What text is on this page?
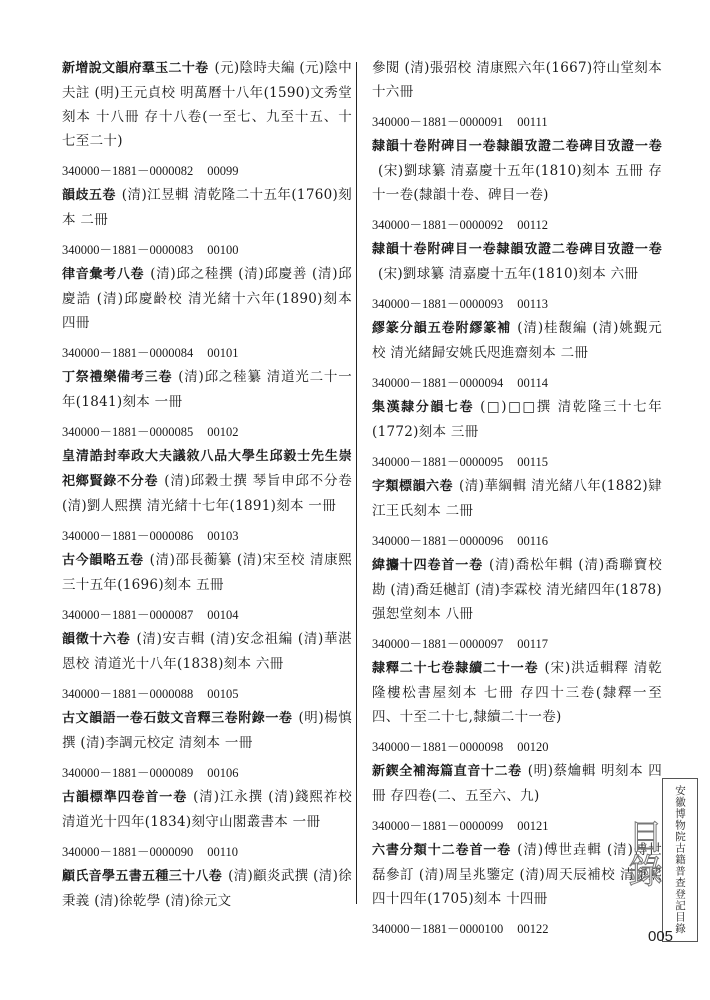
新增說文韻府羣玉二十卷 (元)陰時夫編 (元)陰中夫註 (明)王元貞校 明萬曆十八年(1590)文秀堂刻本 十八冊 存十八卷(一至七、九至十五、十七至二十)
340000－1881－0000082 00099
韻歧五卷 (清)江昱輯 清乾隆二十五年(1760)刻本 二冊
340000－1881－0000083 00100
律音彙考八卷 (清)邱之稑撰 (清)邱慶善 (清)邱慶誥 (清)邱慶齡校 清光緒十六年(1890)刻本 四冊
340000－1881－0000084 00101
丁祭禮樂備考三卷 (清)邱之稑纂 清道光二十一年(1841)刻本 一冊
340000－1881－0000085 00102
皇清誥封奉政大夫議敘八品大學生邱毅士先生崇祀鄉賢錄不分卷 (清)邱穀士撰 琴旨申邱不分卷 (清)劉人熙撰 清光緒十七年(1891)刻本 一冊
340000－1881－0000086 00103
古今韻略五卷 (清)邵長蘅纂 (清)宋至校 清康熙三十五年(1696)刻本 五冊
340000－1881－0000087 00104
韻徵十六卷 (清)安吉輯 (清)安念祖編 (清)華湛恩校 清道光十八年(1838)刻本 六冊
340000－1881－0000088 00105
古文韻語一卷石鼓文音釋三卷附錄一卷 (明)楊慎撰 (清)李調元校定 清刻本 一冊
340000－1881－0000089 00106
古韻標準四卷首一卷 (清)江永撰 (清)錢熙祚校 清道光十四年(1834)刻守山閣叢書本 一冊
340000－1881－0000090 00110
顧氏音學五書五種三十八卷 (清)顧炎武撰 (清)徐秉義 (清)徐乾學 (清)徐元文
參閱 (清)張弨校 清康熙六年(1667)符山堂刻本 十六冊
340000－1881－0000091 00111
隸韻十卷附碑目一卷隸韻攷證二卷碑目攷證一卷(宋)劉球纂 清嘉慶十五年(1810)刻本 五冊 存十一卷(隸韻十卷、碑目一卷)
340000－1881－0000092 00112
隸韻十卷附碑目一卷隸韻攷證二卷碑目攷證一卷(宋)劉球纂 清嘉慶十五年(1810)刻本 六冊
340000－1881－0000093 00113
繆篆分韻五卷附繆篆補 (清)桂馥編 (清)姚覲元校 清光緒歸安姚氏咫進齋刻本 二冊
340000－1881－0000094 00114
集漢隸分韻七卷 (□)□□撰 清乾隆三十七年(1772)刻本 三冊
340000－1881－0000095 00115
字類標韻六卷 (清)華綱輯 清光緒八年(1882)肄江王氏刻本 二冊
340000－1881－0000096 00116
緯攟十四卷首一卷 (清)喬松年輯 (清)喬聯寶校勘 (清)喬廷樾訂 (清)李霖校 清光緒四年(1878)强恕堂刻本 八冊
340000－1881－0000097 00117
隸釋二十七卷隸續二十一卷 (宋)洪适輯釋 清乾隆樓松書屋刻本 七冊 存四十三卷(隸釋一至四、十至二十七,隸續二十一卷)
340000－1881－0000098 00120
新鍥全補海篇直音十二卷 (明)蔡爚輯 明刻本 四冊 存四卷(二、五至六、九)
340000－1881－0000099 00121
六書分類十二卷首一卷 (清)傅世垚輯 (清)傅世磊參訂 (清)周呈兆鑒定 (清)周天辰補校 清康熙四十四年(1705)刻本 十四冊
340000－1881－0000100 00122
目錄	安徽博物院古籍普查登記目錄
005
